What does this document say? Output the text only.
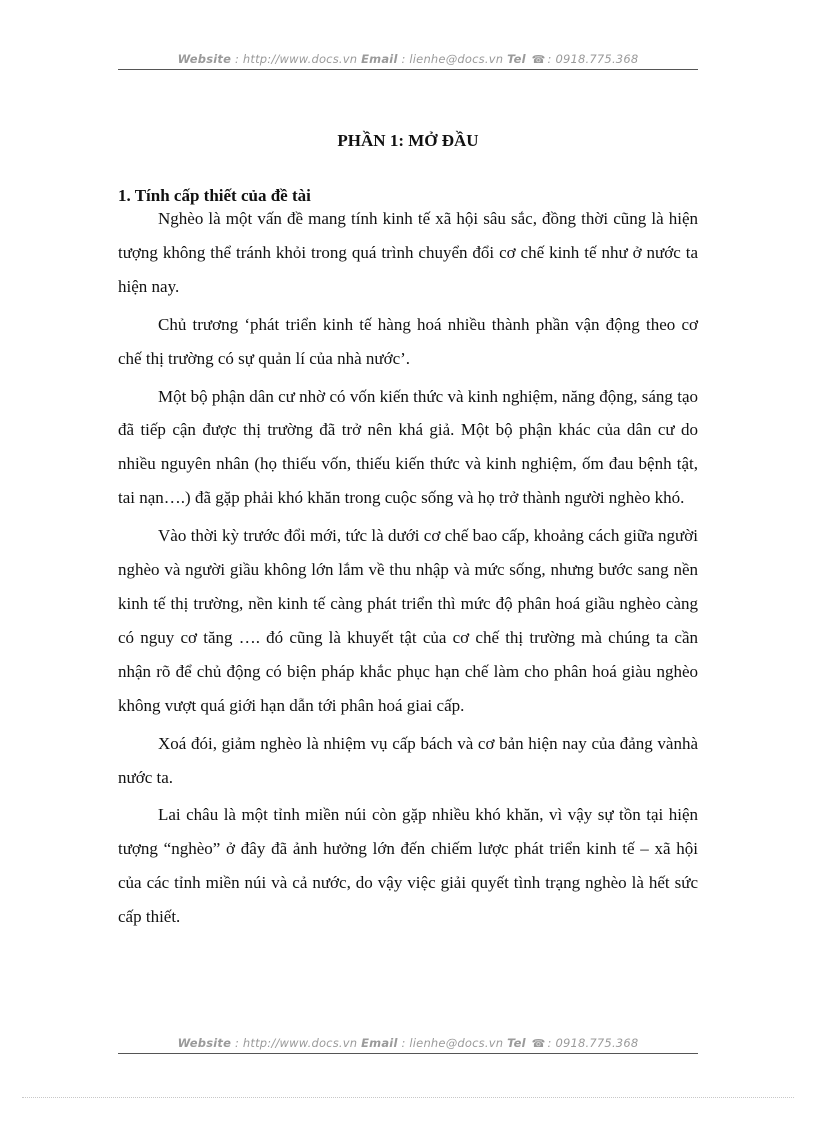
Website : http://www.docs.vn Email : lienhe@docs.vn Tel ☎ : 0918.775.368
PHẦN 1: MỞ ĐẦU
1. Tính cấp thiết của đề tài

Nghèo là một vấn đề mang tính kinh tế xã hội sâu sắc, đồng thời cũng là hiện tượng không thể tránh khỏi trong quá trình chuyển đổi cơ chế kinh tế như ở nước ta hiện nay.

Chủ trương ‘phát triển kinh tế hàng hoá nhiều thành phần vận động theo cơ chế thị trường có sự quản lí của nhà nước’.

Một bộ phận dân cư nhờ có vốn kiến thức và kinh nghiệm, năng động, sáng tạo đã tiếp cận được thị trường đã trở nên khá giả. Một bộ phận khác của dân cư do nhiều nguyên nhân (họ thiếu vốn, thiếu kiến thức và kinh nghiệm, ốm đau bệnh tật, tai nạn….) đã gặp phải khó khăn trong cuộc sống và họ trở thành người nghèo khó.

Vào thời kỳ trước đổi mới, tức là dưới cơ chế bao cấp, khoảng cách giữa người nghèo và người giầu không lớn lắm về thu nhập và mức sống, nhưng bước sang nền kinh tế thị trường, nền kinh tế càng phát triển thì mức độ phân hoá giầu nghèo càng có nguy cơ tăng …. đó cũng là khuyết tật của cơ chế thị trường mà chúng ta cần nhận rõ để chủ động có biện pháp khắc phục hạn chế làm cho phân hoá giàu nghèo không vượt quá giới hạn dẫn tới phân hoá giai cấp.

Xoá đói, giảm nghèo là nhiệm vụ cấp bách và cơ bản hiện nay của đảng vànhà nước ta.

Lai châu là một tỉnh miền núi còn gặp nhiều khó khăn, vì vậy sự tồn tại hiện tượng “nghèo” ở đây đã ảnh hưởng lớn đến chiếm lược phát triển kinh tế – xã hội của các tỉnh miền núi và cả nước, do vậy việc giải quyết tình trạng nghèo là hết sức cấp thiết.

Website : http://www.docs.vn Email : lienhe@docs.vn Tel ☎ : 0918.775.368
